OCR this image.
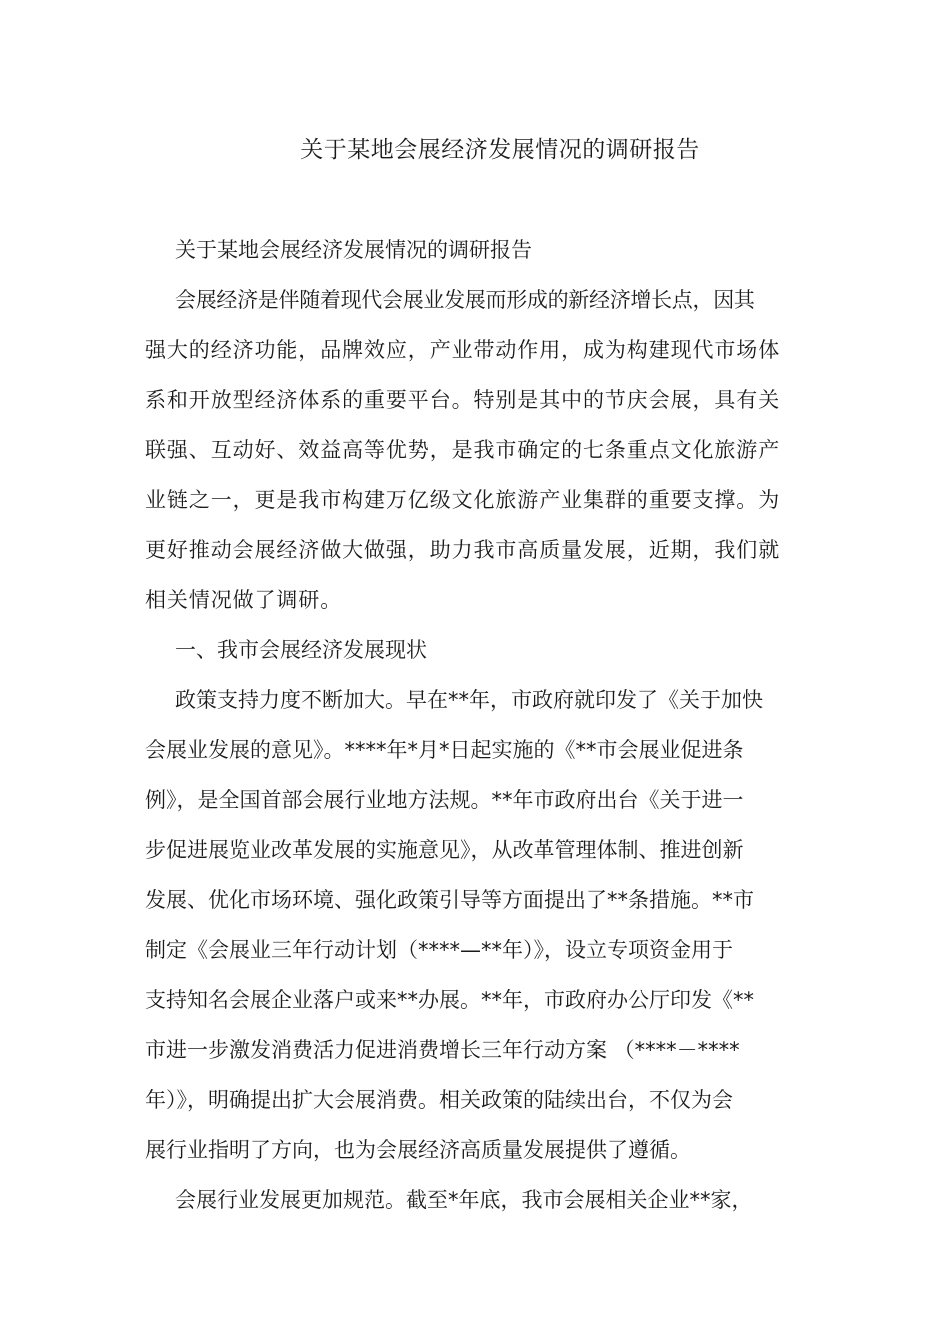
关于某地会展经济发展情况的调研报告
关于某地会展经济发展情况的调研报告
会展经济是伴随着现代会展业发展而形成的新经济增长点，因其
强大的经济功能，品牌效应，产业带动作用，成为构建现代市场体
系和开放型经济体系的重要平台。特别是其中的节庆会展，具有关
联强、互动好、效益高等优势，是我市确定的七条重点文化旅游产
业链之一，更是我市构建万亿级文化旅游产业集群的重要支撑。为
更好推动会展经济做大做强，助力我市高质量发展，近期，我们就
相关情况做了调研。
一、我市会展经济发展现状
政策支持力度不断加大。早在**年，市政府就印发了《关于加快
会展业发展的意见》。****年*月*日起实施的《**市会展业促进条
例》，是全国首部会展行业地方法规。**年市政府出台《关于进一
步促进展览业改革发展的实施意见》，从改革管理体制、推进创新
发展、优化市场环境、强化政策引导等方面提出了**条措施。**市
制定《会展业三年行动计划（****—**年）》，设立专项资金用于
支持知名会展企业落户或来**办展。**年，市政府办公厅印发《**
市进一步激发消费活力促进消费增长三年行动方案 （****－****
年）》，明确提出扩大会展消费。相关政策的陆续出台，不仅为会
展行业指明了方向，也为会展经济高质量发展提供了遵循。
会展行业发展更加规范。截至*年底，我市会展相关企业**家，
